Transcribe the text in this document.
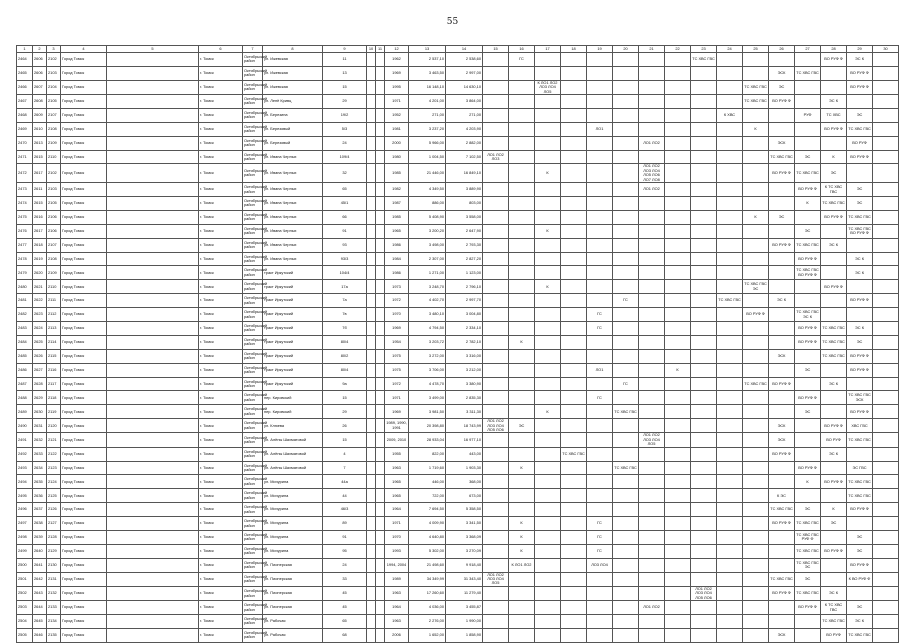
55
1	2	3	4	5	6	7	8	9	10	11	12	13	14	15	16	17	18	19	20	21	22	23	24	25	26	27	28	29	30
2464	2606	2102	Город Томск		г. Томск	Октябрьский район	ул. Ижевская	11			1962	2 537,10	2 538,60		ГС							ТС ХВС ГВС					ВО РУФ Ф	ЭС К	
2465	2606	2103	Город Томск		г. Томск	Октябрьский район	ул. Ижевская	13			1969	3 463,50	2 997,00												ЭСК	ТС ХВС ГВС		ВО РУФ Ф	
2466	2607	2104	Город Томск		г. Томск	Октябрьский район	ул. Ижевская	15			1995	16 148,10	14 630,10			К ЛО1 ЛО2 ЛО3 ЛО4 ЛО5								ТС ХВС ГВС	ЭС			ВО РУФ Ф	
2467	2608	2105	Город Томск		г. Томск	Октябрьский район	ул. Ленё Кривц	29			1971	4 201,00	3 864,00											ТС ХВС ГВС	ВО РУФ Ф		ЭС К		
2468	2609	2107	Город Томск		г. Томск	Октябрьский район	ул. Березина	19/2			1952	271,00	271,00										К ХВС			РУФ	ТС ХВС	ЭС	
2469	2610	2108	Город Томск		г. Томск	Октябрьский район	ул. Березовый	5/3			1981	3 237,20	4 203,90					ЛО1						К			ВО РУФ Ф	ТС ХВС ГВС	
2470	2613	2109	Город Томск		г. Томск	Октябрьский район	ул. Березовый	24			2000	5 966,00	2 882,00							ЛО1 ЛО2					ЭСК			ВО РУФ	
2471	2615	2110	Город Томск		г. Томск	Октябрьский район	ул. Ивана Черных	109/4			1980	1 004,50	7 102,50	ЛО1 ЛО2 ЛО3											ТС ХВС ГВС	ЭС	К	ВО РУФ Ф	
2472	2617	2102	Город Томск		г. Томск	Октябрьский район	ул. Ивана Черных	32			1985	21 446,00	16 849,10			К				ЛО1 ЛО2 ЛО3 ЛО4 ЛО5 ЛО6 ЛО7 ЛО8					ВО РУФ Ф	ТС ХВС ГВС	ЭС		
2473	2611	2103	Город Томск		г. Томск	Октябрьский район	ул. Ивана Черных	65			1982	4 349,50	3 889,90							ЛО1 ЛО2						ВО РУФ Ф	К ТС ХВС ГВС	ЭС	
2474	2615	2105	Город Томск		г. Томск	Октябрьский район	ул. Ивана Черных	45/1			1987	886,00	803,00													К	ТС ХВС ГВС	ЭС	
2475	2616	2106	Город Томск		г. Томск	Октябрьский район	ул. Ивана Черных	66			1985	5 408,90	3 558,00											К	ЭС		ВО РУФ Ф	ТС ХВС ГВС	
2476	2617	2106	Город Томск		г. Томск	Октябрьский район	ул. Ивана Черных	91			1965	3 200,20	2 647,90			К										ЭС		ТС ХВС ГВС ВО РУФ Ф	
2477	2618	2107	Город Томск		г. Томск	Октябрьский район	ул. Ивана Черных	93			1986	3 498,00	2 793,30												ВО РУФ Ф	ТС ХВС ГВС	ЭС К		
2478	2619	2108	Город Томск		г. Томск	Октябрьский район	ул. Ивана Черных	93/3			1984	2 307,00	2 827,20													ВО РУФ Ф		ЭС К	
2479	2620	2109	Город Томск		г. Томск	Октябрьский район	тракт Иркутский	104/4			1986	1 271,00	1 123,00													ТС ХВС ГВС ВО РУФ Ф		ЭС К	
2480	2621	2110	Город Томск		г. Томск	Октябрьский район	тракт Иркутский	17а			1973	3 248,70	2 796,10			К								ТС ХВС ГВС ЭС			ВО РУФ Ф		
2481	2622	2111	Город Томск		г. Томск	Октябрьский район	тракт Иркутский	7а			1972	4 402,70	2 997,70						ГС				ТС ХВС ГВС		ЭС К			ВО РУФ Ф	
2482	2623	2112	Город Томск		г. Томск	Октябрьский район	тракт Иркутский	7в			1970	3 480,10	3 004,80					ГС						ВО РУФ Ф		ТС ХВС ГВС ЭС К			
2483	2624	2113	Город Томск		г. Томск	Октябрьский район	тракт Иркутский	7б			1969	4 794,50	2 334,10					ГС								ВО РУФ Ф	ТС ХВС ГВС	ЭС К	
2484	2625	2114	Город Томск		г. Томск	Октябрьский район	тракт Иркутский	80/4			1954	3 203,72	2 782,10		К											ВО РУФ Ф	ТС ХВС ГВС	ЭС	
2485	2626	2115	Город Томск		г. Томск	Октябрьский район	тракт Иркутский	80/2			1975	3 272,00	3 316,00												ЭСК		ТС ХВС ГВС	ВО РУФ Ф	
2486	2627	2116	Город Томск		г. Томск	Октябрьский район	тракт Иркутский	80/4			1975	3 706,00	3 212,00					ЛО1			К					ЭС		ВО РУФ Ф	
2487	2628	2117	Город Томск		г. Томск	Октябрьский район	тракт Иркутский	9а			1972	4 478,70	3 380,90						ГС					ТС ХВС ГВС	ВО РУФ Ф		ЭС К		
2488	2629	2118	Город Томск		г. Томск	Октябрьский район	пер. Кировский	15			1971	3 499,00	2 835,30					ГС								ВО РУФ Ф		ТС ХВС ГВС ЭСК	
2489	2630	2119	Город Томск		г. Томск	Октябрьский район	пер. Кировский	29			1969	3 981,50	3 311,30			К			ТС ХВС ГВС							ЭС		ВО РУФ Ф	
2490	2631	2120	Город Томск		г. Томск	Октябрьский район	ул. Клюева	26			1989, 1990, 1991	20 398,80	18 743,99	ЛО1 ЛО2 ЛО3 ЛО4 ЛО5 ЛО6	ЭС										ЭСК		ВО РУФ Ф	ХВС ГВС	
2491	2632	2121	Город Томск		г. Томск	Октябрьский район	ул. Алёны Шахматовой	15			2009, 2010	28 933,04	16 977,10							ЛО1 ЛО2 ЛО3 ЛО4 ЛО5					ЭСК		ВО РУФ	ТС ХВС ГВС	
2492	2633	2122	Город Томск		г. Томск	Октябрьский район	ул. Алёны Шахматовой	4			1955	822,00	443,00				ТС ХВС ГВС								ВО РУФ Ф		ЭС К		
2493	2634	2123	Город Томск		г. Томск	Октябрьский район	ул. Алёны Шахматовой	7			1963	1 719,60	1 903,30		К				ТС ХВС ГВС							ВО РУФ Ф		ЭС ГВС	
2494	2635	2124	Город Томск		г. Томск	Октябрьский район	ул. Мичурина	44а			1965	446,00	368,00													К	ВО РУФ Ф	ТС ХВС ГВС	
2495	2636	2125	Город Томск		г. Томск	Октябрьский район	ул. Мичурина	44			1965	722,00	673,00												К ЭС			ТС ХВС ГВС	
2496	2637	2126	Город Томск		г. Томск	Октябрьский район	ул. Мичурина	46/3			1964	7 694,50	5 358,50												ТС ХВС ГВС	ЭС	К	ВО РУФ Ф	
2497	2638	2127	Город Томск		г. Томск	Октябрьский район	ул. Мичурина	89			1971	4 009,90	3 341,50		К			ГС							ВО РУФ Ф	ТС ХВС ГВС	ЭС		
2498	2639	2128	Город Томск		г. Томск	Октябрьский район	ул. Мичурина	91			1970	4 640,80	3 368,09		К			ГС								ТС ХВС ГВС РУФ Ф		ЭС	
2499	2640	2129	Город Томск		г. Томск	Октябрьский район	ул. Мичурина	95			1993	5 302,00	3 270,09		К			ГС								ТС ХВС ГВС	ВО РУФ Ф	ЭС	
2500	2641	2130	Город Томск		г. Томск	Октябрьский район	ул. Пионерская	24			1994, 2004	21 498,60	9 918,40		К ЛО1 ЛО2			ЛО3 ЛО4								ТС ХВС ГВС ЭС		ВО РУФ Ф	
2501	2642	2131	Город Томск		г. Томск	Октябрьский район	ул. Пионерская	33			1989	34 349,99	31 343,40	ЛО1 ЛО2 ЛО3 ЛО4 ЛО5											ТС ХВС ГВС	ЭС		К ВО РУФ Ф	
2502	2643	2132	Город Томск		г. Томск	Октябрьский район	ул. Пионерская	45			1963	17 260,60	11 279,40									ЛО1 ЛО2 ЛО3 ЛО4 ЛО5 ЛО6			ВО РУФ Ф	ТС ХВС ГВС	ЭС К		
2503	2644	2133	Город Томск		г. Томск	Октябрьский район	ул. Пионерская	45			1964	4 036,00	3 455,87							ЛО1 ЛО2						ВО РУФ Ф	К ТС ХВС ГВС	ЭС	
2504	2645	2134	Город Томск		г. Томск	Октябрьский район	ул. Рабочая	65			1963	2 276,00	1 990,00														ТС ХВС ГВС	ЭС К	
2505	2646	2135	Город Томск		г. Томск	Октябрьский район	ул. Рабочая	68			2006	1 652,00	1 858,90												ЭСК		ВО РУФ	ТС ХВС ГВС	
